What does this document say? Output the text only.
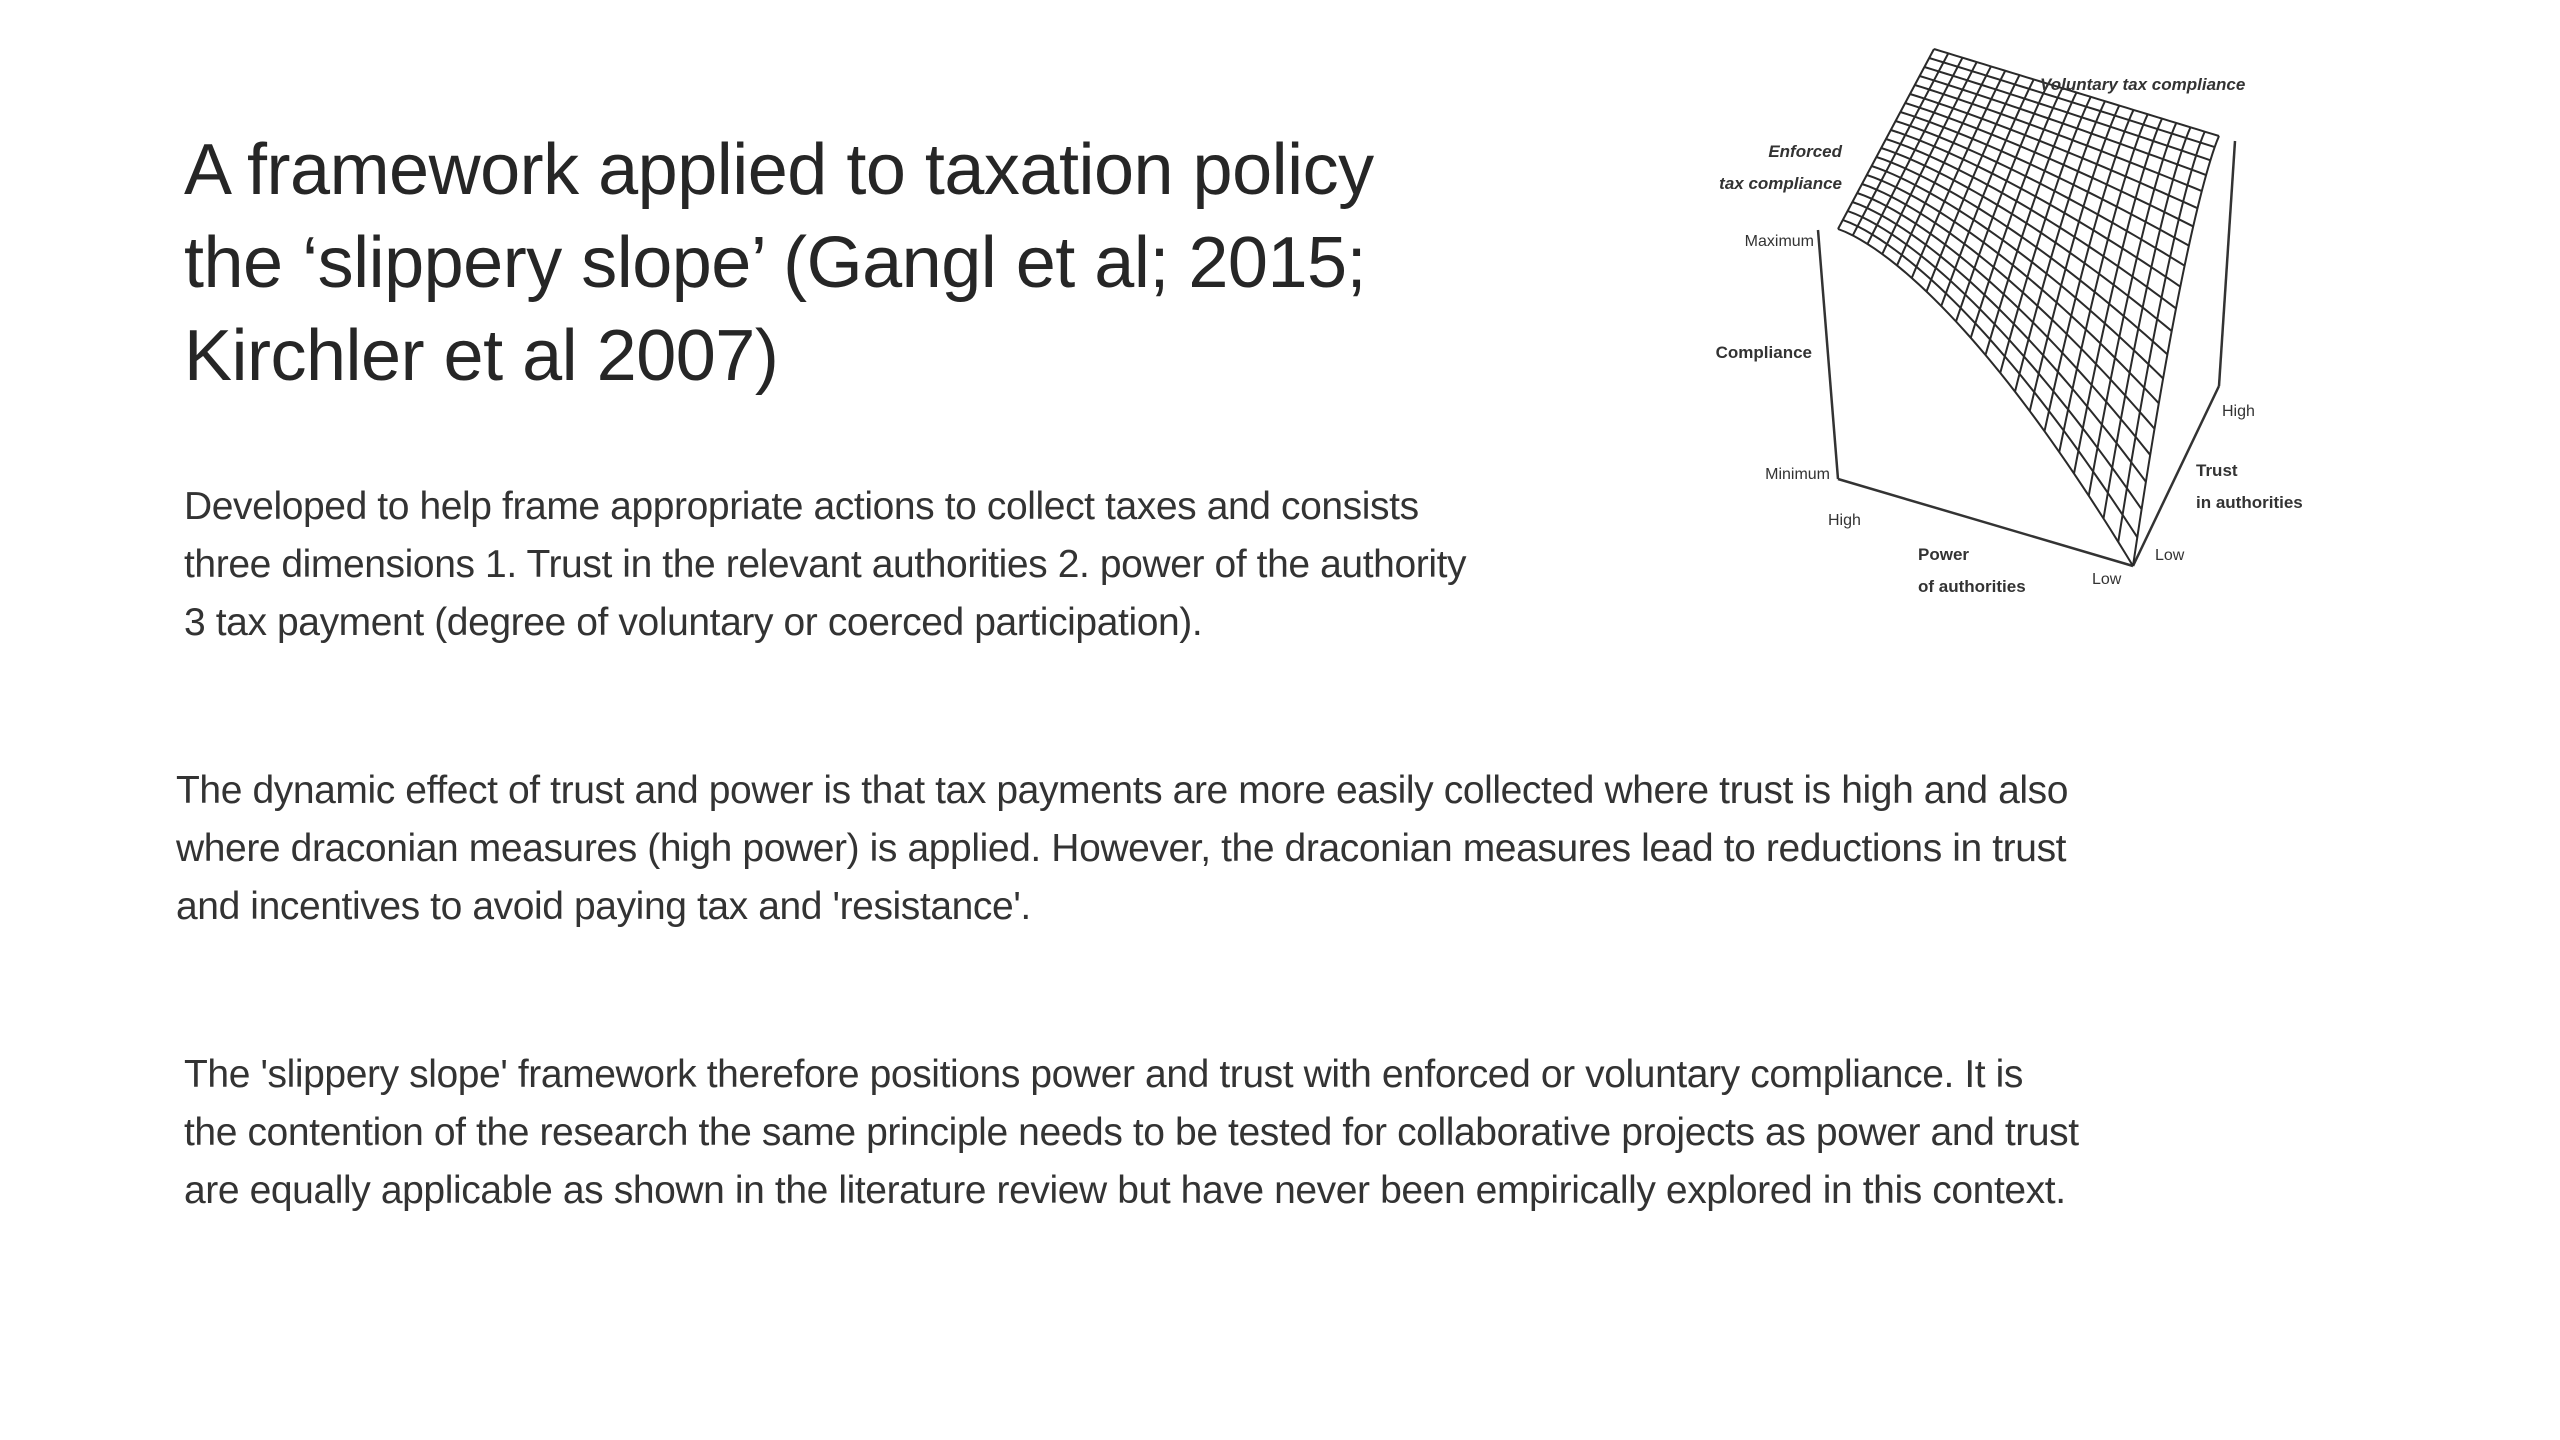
A framework applied to taxation policy
the ‘slippery slope’ (Gangl et al; 2015;
Kirchler et al 2007)
Developed to help frame appropriate actions to collect taxes and consists
three dimensions 1. Trust in the relevant authorities 2. power of the authority
3 tax payment (degree of voluntary or coerced participation).
The dynamic effect of trust and power is that tax payments are more easily collected where trust is high and also
where draconian measures (high power) is applied. However, the draconian measures lead to reductions in trust
and incentives to avoid paying tax and 'resistance'.
The 'slippery slope' framework therefore positions power and trust with enforced or voluntary compliance. It is
the contention of the research the same principle needs to be tested for collaborative projects as power and trust
are equally applicable as shown in the literature review but have never been empirically explored in this context.
Voluntary tax compliance
Enforced
tax compliance
Maximum
Compliance
Minimum
High
Power
of authorities	Low
Low
Trust
in authorities
High
